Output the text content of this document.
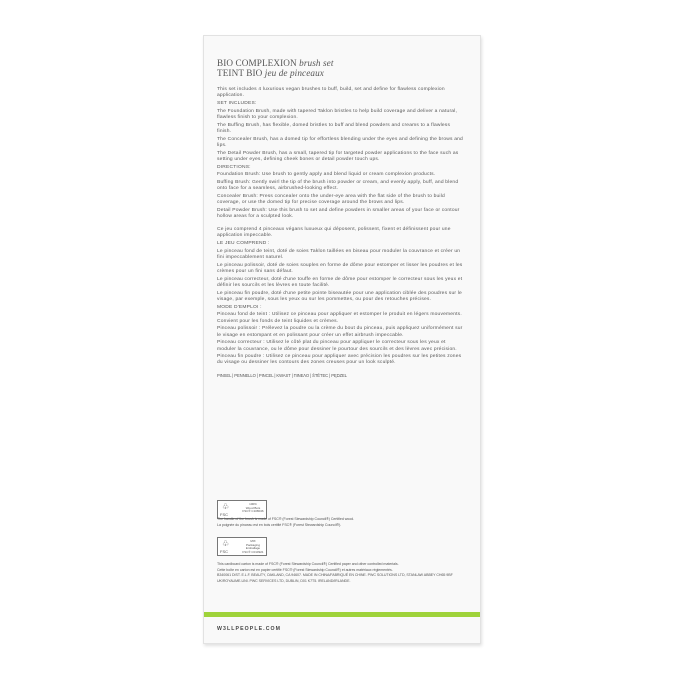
BIO COMPLEXION brush set
TEINT BIO jeu de pinceaux

This set includes 4 luxurious vegan brushes to buff, build, set and define for flawless complexion application.

SET INCLUDES:

The Foundation Brush, made with tapered Taklon bristles to help build coverage and deliver a natural, flawless finish to your complexion.

The Buffing Brush, has flexible, domed bristles to buff and blend powders and creams to a flawless finish.

The Concealer Brush, has a domed tip for effortless blending under the eyes and defining the brows and lips.

The Detail Powder Brush, has a small, tapered tip for targeted powder applications to the face such as setting under eyes, defining cheek bones or detail powder touch ups.

DIRECTIONS:

Foundation Brush: Use brush to gently apply and blend liquid or cream complexion products.

Buffing Brush: Gently swirl the tip of the brush into powder or cream, and evenly apply, buff, and blend onto face for a seamless, airbrushed-looking effect.

Concealer Brush: Press concealer onto the under-eye area with the flat side of the brush to build coverage, or use the domed tip for precise coverage around the brows and lips.

Detail Powder Brush: Use this brush to set and define powders in smaller areas of your face or contour hollow areas for a sculpted look.

Ce jeu comprend 4 pinceaux végans luxueux qui déposent, polissent, fixent et définissent pour une application impeccable.

LE JEU COMPREND :

Le pinceau fond de teint, doté de soies Taklon taillées en biseau pour moduler la couvrance et créer un fini impeccablement naturel.

Le pinceau polissoir, doté de soies souples en forme de dôme pour estomper et lisser les poudres et les crèmes pour un fini sans défaut.

Le pinceau correcteur, doté d'une touffe en forme de dôme pour estomper le correcteur sous les yeux et définir les sourcils et les lèvres en toute facilité.

Le pinceau fin poudre, doté d'une petite pointe biseautée pour une application ciblée des poudres sur le visage, par exemple, sous les yeux ou sur les pommettes, ou pour des retouches précises.

MODE D'EMPLOI :

Pinceau fond de teint : Utilisez ce pinceau pour appliquer et estomper le produit en légers mouvements. Convient pour les fonds de teint liquides et crèmes.

Pinceau polissoir : Prélevez la poudre ou la crème du bout du pinceau, puis appliquez uniformément sur le visage en estompant et en polissant pour créer un effet airbrush impeccable.

Pinceau correcteur : Utilisez le côté plat du pinceau pour appliquer le correcteur sous les yeux et moduler la couvrance, ou le dôme pour dessiner le pourtour des sourcils et des lèvres avec précision.

Pinceau fin poudre : Utilisez ce pinceau pour appliquer avec précision les poudres sur les petites zones du visage ou dessiner les contours des zones creuses pour un look sculpté.

PINSEL | PENNELLO | PINCEL | KWAST | ΠΙΝΕΛΟ | ŠTĚTEC | PĘDZEL
♧
FSC
100%
Wood Bois
FSC® C108046
The handle of the brush is made of FSC® (Forest Stewardship Council®) Certified wood.
La poignée du pinceau est en bois certifié FSC® (Forest Stewardship Council®).
♧
FSC
MIX
Packaging Emballage
FSC® C010921
This cardboard carton is made of FSC® (Forest Stewardship Council®) Certified paper and other controlled materials.
Cette boîte en carton est en papier certifié FSC® (Forest Stewardship Council®) et autres matériaux réglementés.
B340061 DIST. E.L.F. BEAUTY, OAKLAND, CA 94607. MADE IN CHINA/FABRIQUÉ EN CHINE. PWC SOLUTIONS LTD, STANLAW ABBEY CH65 9BF UK/ROYAUME-UNI. PWC SERVICES LTD, DUBLIN, D01 K7T5. IRELAND/IRLANDE.
W3LLPEOPLE.COM
